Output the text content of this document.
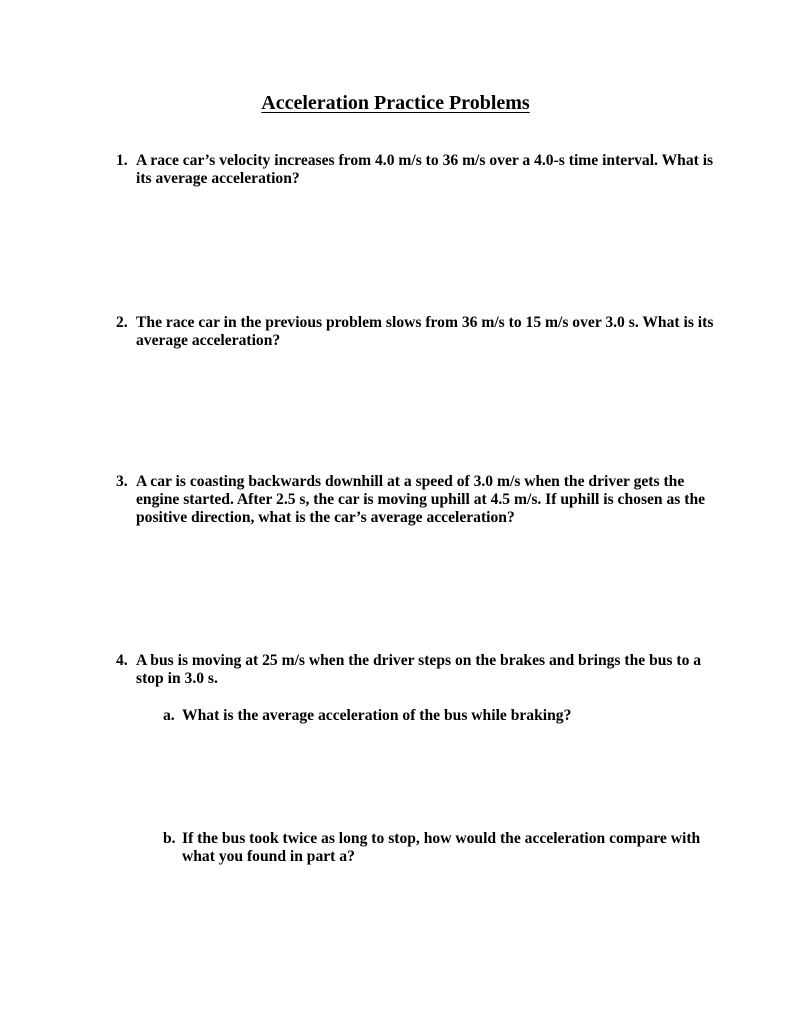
Acceleration Practice Problems
1. A race car’s velocity increases from 4.0 m/s to 36 m/s over a 4.0-s time interval. What is its average acceleration?
2. The race car in the previous problem slows from 36 m/s to 15 m/s over 3.0 s. What is its average acceleration?
3. A car is coasting backwards downhill at a speed of 3.0 m/s when the driver gets the engine started. After 2.5 s, the car is moving uphill at 4.5 m/s. If uphill is chosen as the positive direction, what is the car’s average acceleration?
4. A bus is moving at 25 m/s when the driver steps on the brakes and brings the bus to a stop in 3.0 s.
a. What is the average acceleration of the bus while braking?
b. If the bus took twice as long to stop, how would the acceleration compare with what you found in part a?
